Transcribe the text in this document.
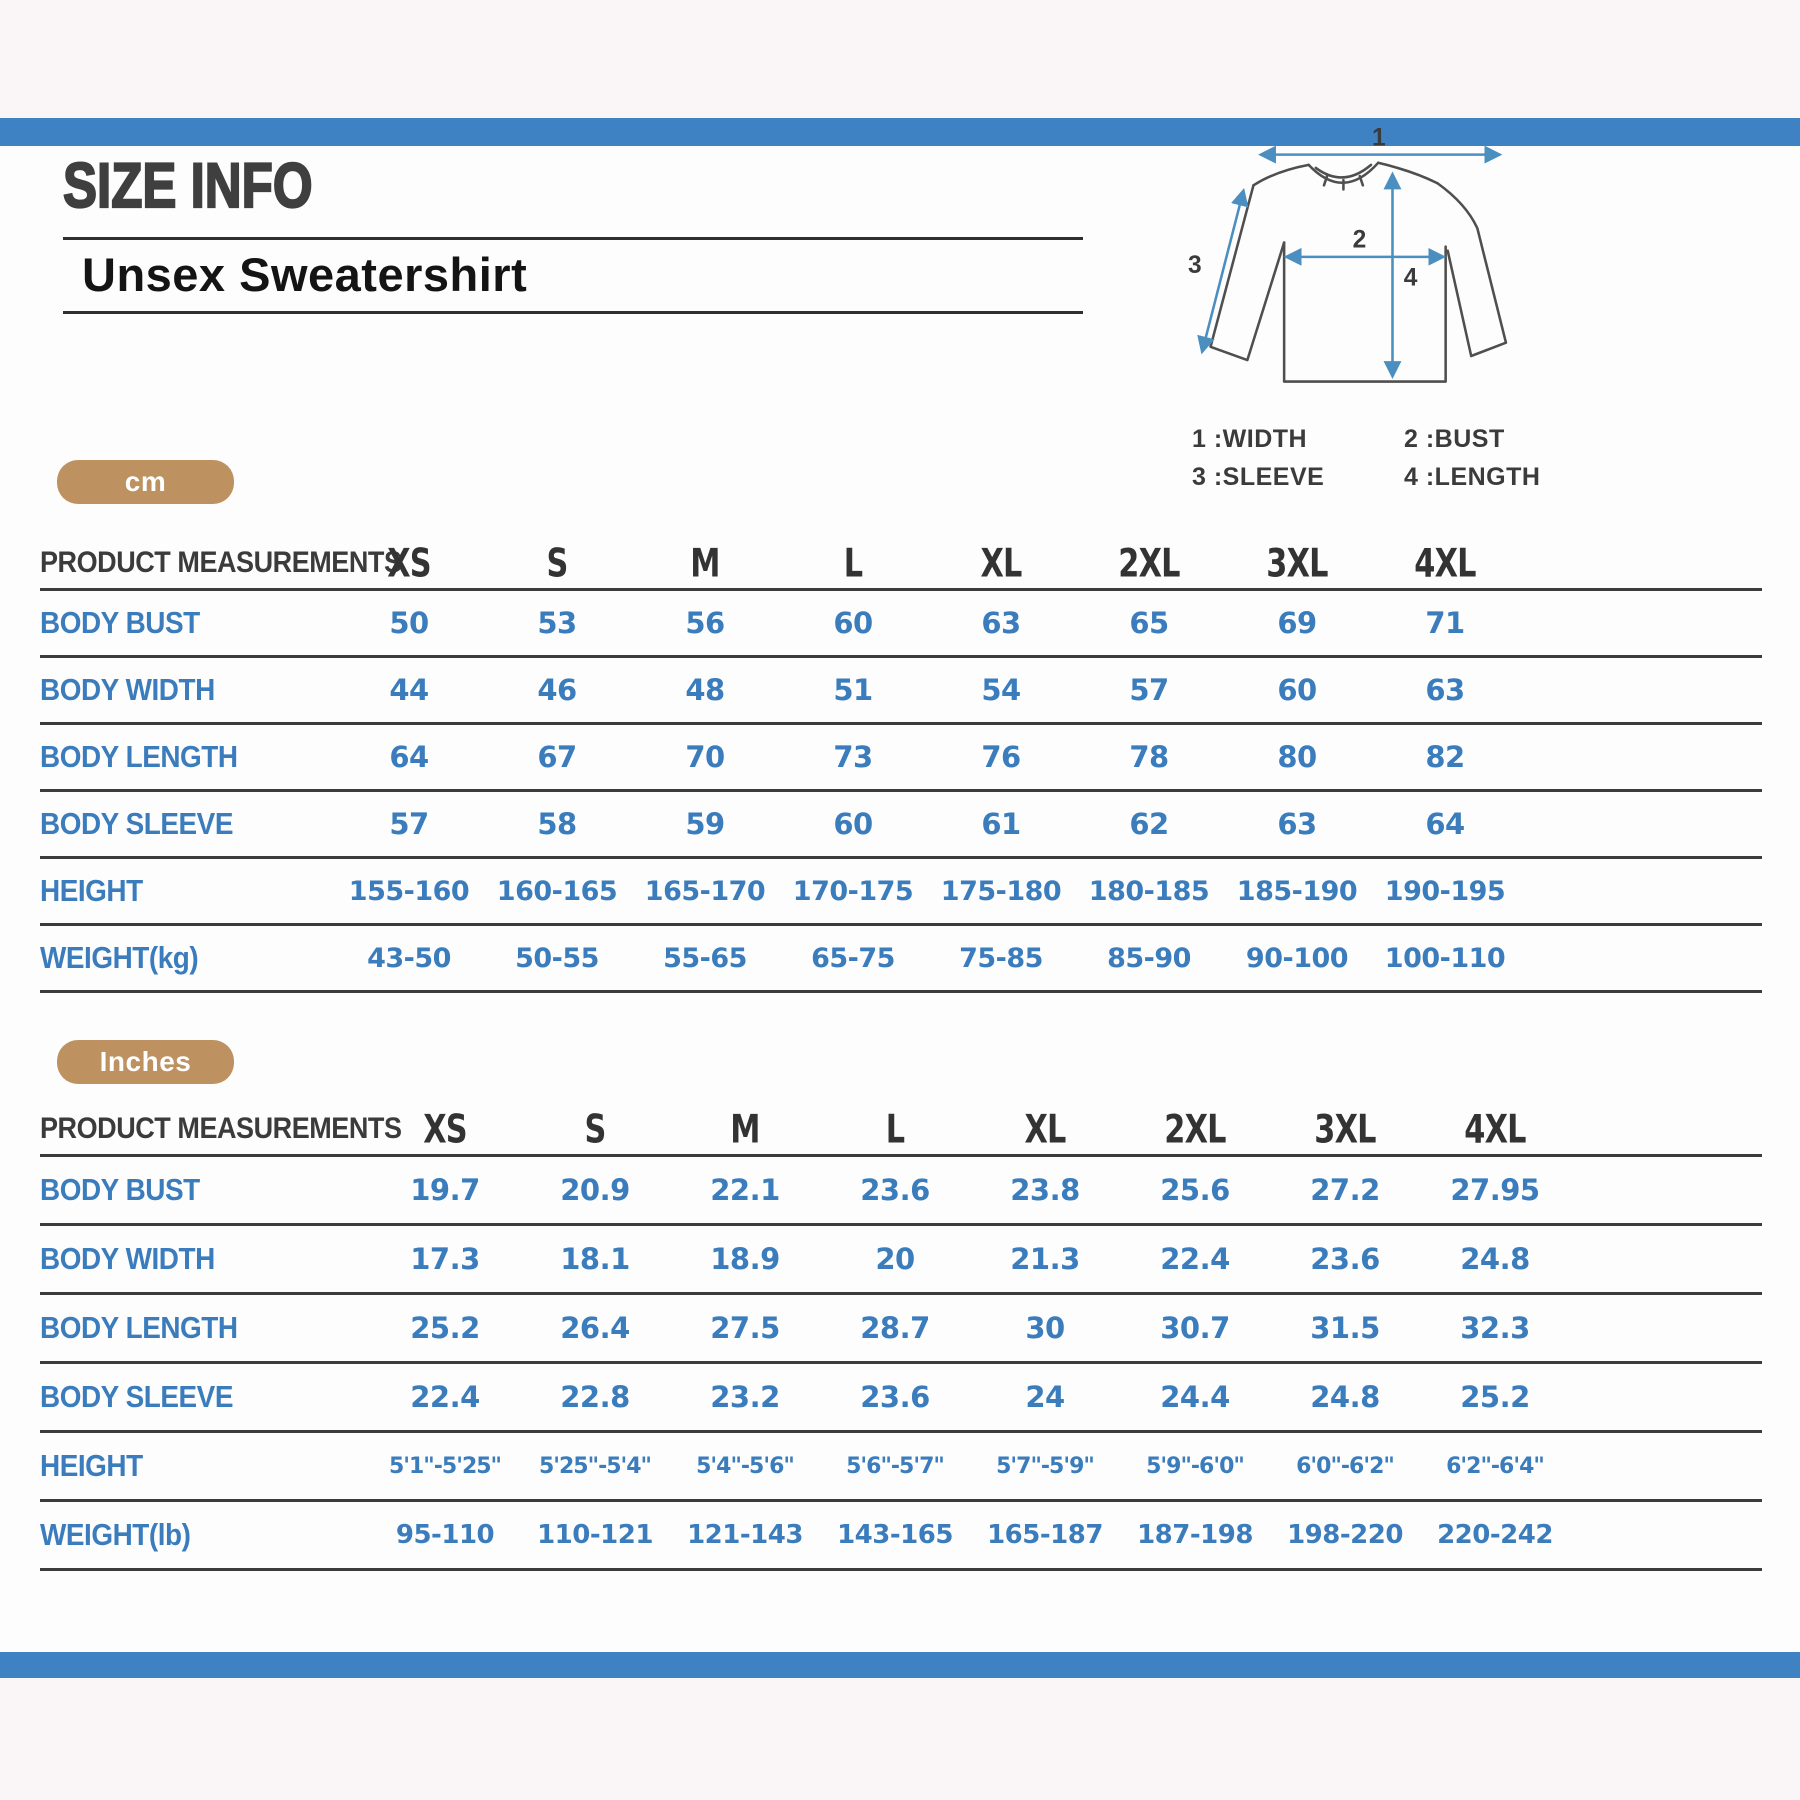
SIZE INFO
Unsex Sweatershirt
1
2
3	4
1 :WIDTH	2 :BUST
3 :SLEEVE	4 :LENGTH
cm
PRODUCT MEASUREMENTS
XS	S	M	L	XL	2XL	3XL	4XL
BODY BUST	50	53	56	60	63	65	69	71
BODY WIDTH	44	46	48	51	54	57	60	63
BODY LENGTH	64	67	70	73	76	78	80	82
BODY SLEEVE	57	58	59	60	61	62	63	64
HEIGHT	155-160	160-165	165-170	170-175	175-180	180-185	185-190	190-195
WEIGHT(kg)	43-50	50-55	55-65	65-75	75-85	85-90	90-100	100-110
Inches
PRODUCT MEASUREMENTS XS	S	M	L	XL	2XL	3XL	4XL
BODY BUST	19.7	20.9	22.1	23.6	23.8	25.6	27.2	27.95
BODY WIDTH	17.3	18.1	18.9	20	21.3	22.4	23.6	24.8
BODY LENGTH	25.2	26.4	27.5	28.7	30	30.7	31.5	32.3
BODY SLEEVE	22.4	22.8	23.2	23.6	24	24.4	24.8	25.2
HEIGHT	5'1"-5'25"	5'25"-5'4"	5'4"-5'6"	5'6"-5'7"	5'7"-5'9"	5'9"-6'0"	6'0"-6'2"	6'2"-6'4"
WEIGHT(lb)	95-110	110-121	121-143	143-165	165-187	187-198	198-220	220-242
